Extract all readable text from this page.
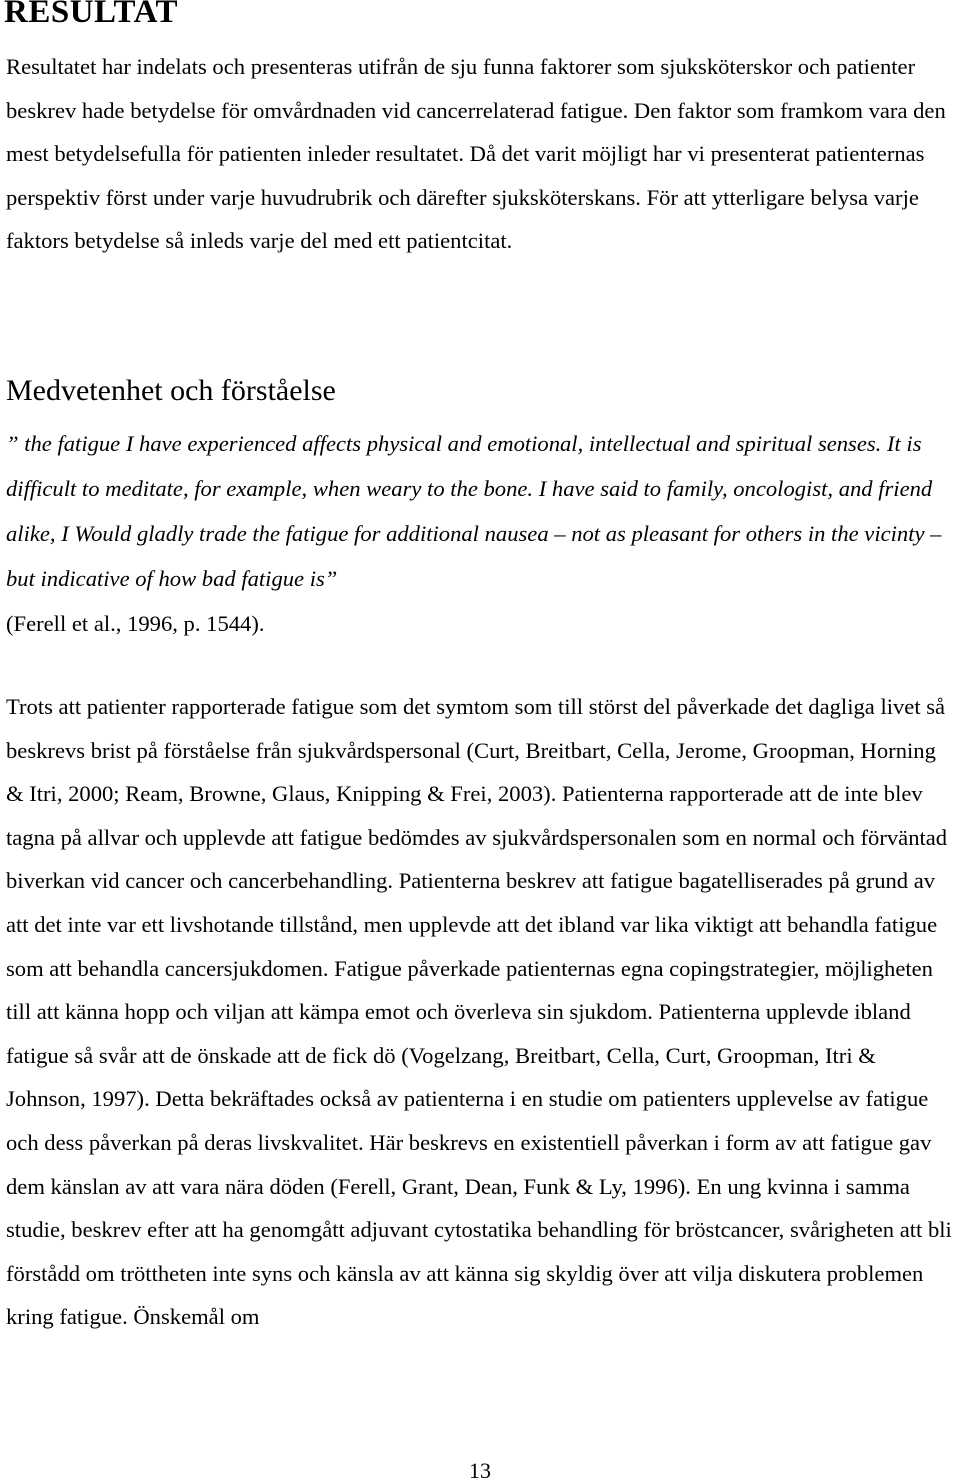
RESULTAT

Resultatet har indelats och presenteras utifrån de sju funna faktorer som sjuksköterskor och patienter beskrev hade betydelse för omvårdnaden vid cancerrelaterad fatigue. Den faktor som framkom vara den mest betydelsefulla för patienten inleder resultatet. Då det varit möjligt har vi presenterat patienternas perspektiv först under varje huvudrubrik och därefter sjuksköterskans. För att ytterligare belysa varje faktors betydelse så inleds varje del med ett patientcitat.

Medvetenhet och förståelse

” the fatigue I have experienced affects physical and emotional, intellectual and spiritual senses. It is difficult to meditate, for example, when weary to the bone. I have said to family, oncologist, and friend alike, I Would gladly trade the fatigue for additional nausea – not as pleasant for others in the vicinty – but indicative of how bad fatigue is”
(Ferell et al., 1996, p. 1544).

Trots att patienter rapporterade fatigue som det symtom som till störst del påverkade det dagliga livet så beskrevs brist på förståelse från sjukvårdspersonal (Curt, Breitbart, Cella, Jerome, Groopman, Horning & Itri, 2000; Ream, Browne, Glaus, Knipping & Frei, 2003). Patienterna rapporterade att de inte blev tagna på allvar och upplevde att fatigue bedömdes av sjukvårdspersonalen som en normal och förväntad biverkan vid cancer och cancerbehandling. Patienterna beskrev att fatigue bagatelliserades på grund av att det inte var ett livshotande tillstånd, men upplevde att det ibland var lika viktigt att behandla fatigue som att behandla cancersjukdomen. Fatigue påverkade patienternas egna copingstrategier, möjligheten till att känna hopp och viljan att kämpa emot och överleva sin sjukdom. Patienterna upplevde ibland fatigue så svår att de önskade att de fick dö (Vogelzang, Breitbart, Cella, Curt, Groopman, Itri & Johnson, 1997). Detta bekräftades också av patienterna i en studie om patienters upplevelse av fatigue och dess påverkan på deras livskvalitet. Här beskrevs en existentiell påverkan i form av att fatigue gav dem känslan av att vara nära döden (Ferell, Grant, Dean, Funk & Ly, 1996). En ung kvinna i samma studie, beskrev efter att ha genomgått adjuvant cytostatika behandling för bröstcancer, svårigheten att bli förstådd om tröttheten inte syns och känsla av att känna sig skyldig över att vilja diskutera problemen kring fatigue. Önskemål om

13
